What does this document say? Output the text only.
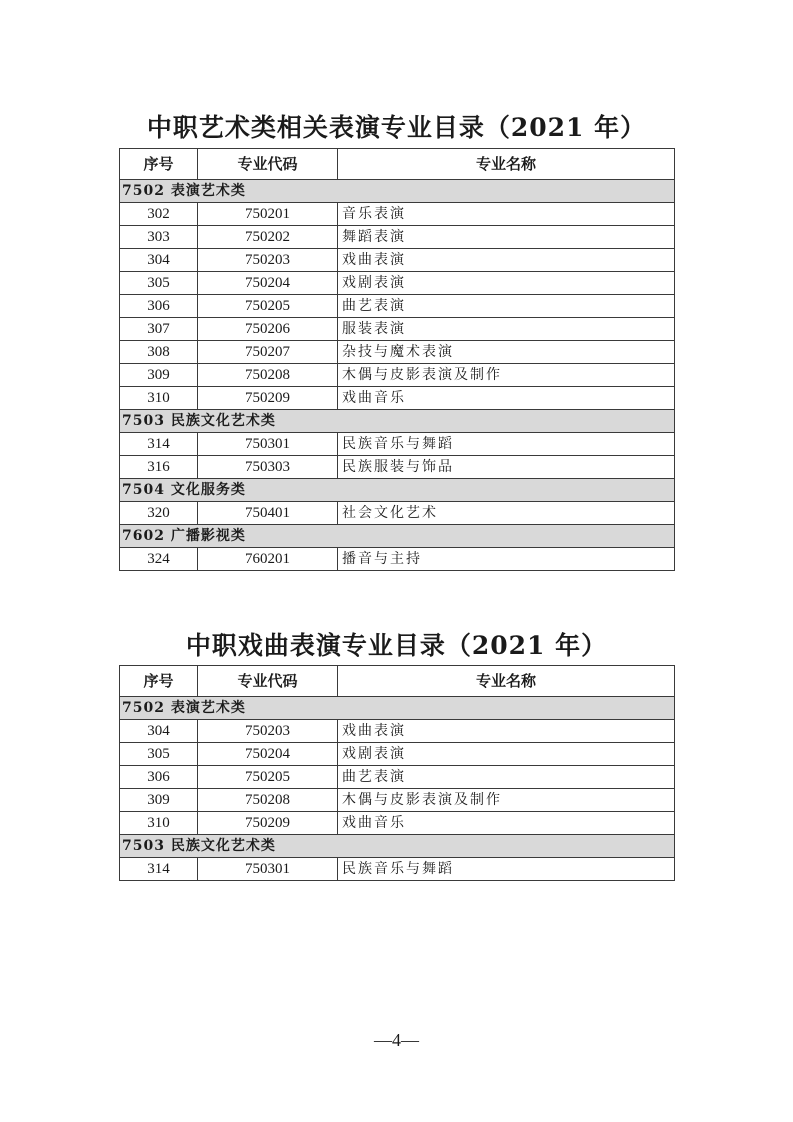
中职艺术类相关表演专业目录（2021 年）
序号	专业代码	专业名称
7502 表演艺术类		
302	750201	音乐表演
303	750202	舞蹈表演
304	750203	戏曲表演
305	750204	戏剧表演
306	750205	曲艺表演
307	750206	服装表演
308	750207	杂技与魔术表演
309	750208	木偶与皮影表演及制作
310	750209	戏曲音乐
7503 民族文化艺术类		
314	750301	民族音乐与舞蹈
316	750303	民族服装与饰品
7504 文化服务类		
320	750401	社会文化艺术
7602 广播影视类		
324	760201	播音与主持
中职戏曲表演专业目录（2021 年）
序号	专业代码	专业名称
7502 表演艺术类		
304	750203	戏曲表演
305	750204	戏剧表演
306	750205	曲艺表演
309	750208	木偶与皮影表演及制作
310	750209	戏曲音乐
7503 民族文化艺术类		
314	750301	民族音乐与舞蹈
—4—
